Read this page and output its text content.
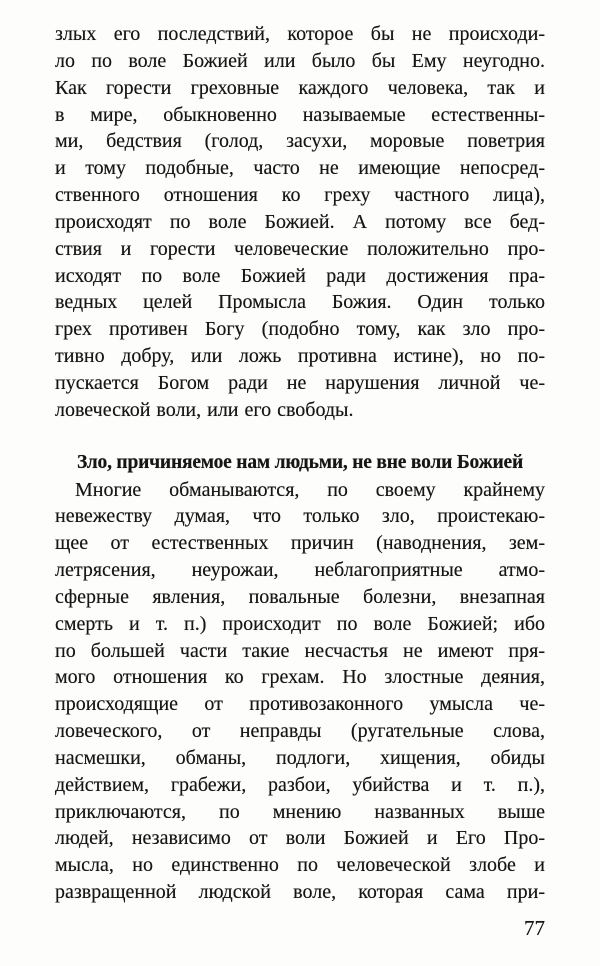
злых его последствий, которое бы не происходи-
ло по воле Божией или было бы Ему неугодно.
Как горести греховные каждого человека, так и
в мире, обыкновенно называемые естественны-
ми, бедствия (голод, засухи, моровые поветрия
и тому подобные, часто не имеющие непосред-
ственного отношения ко греху частного лица),
происходят по воле Божией. А потому все бед-
ствия и горести человеческие положительно про-
исходят по воле Божией ради достижения пра-
ведных целей Промысла Божия. Один только
грех противен Богу (подобно тому, как зло про-
тивно добру, или ложь противна истине), но по-
пускается Богом ради не нарушения личной че-
ловеческой воли, или его свободы.
Зло, причиняемое нам людьми, не вне воли Божией
Многие обманываются, по своему крайнему
невежеству думая, что только зло, проистекаю-
щее от естественных причин (наводнения, зем-
летрясения, неурожаи, неблагоприятные атмо-
сферные явления, повальные болезни, внезапная
смерть и т. п.) происходит по воле Божией; ибо
по большей части такие несчастья не имеют пря-
мого отношения ко грехам. Но злостные деяния,
происходящие от противозаконного умысла че-
ловеческого, от неправды (ругательные слова,
насмешки, обманы, подлоги, хищения, обиды
действием, грабежи, разбои, убийства и т. п.),
приключаются, по мнению названных выше
людей, независимо от воли Божией и Его Про-
мысла, но единственно по человеческой злобе и
развращенной людской воле, которая сама при-
77
